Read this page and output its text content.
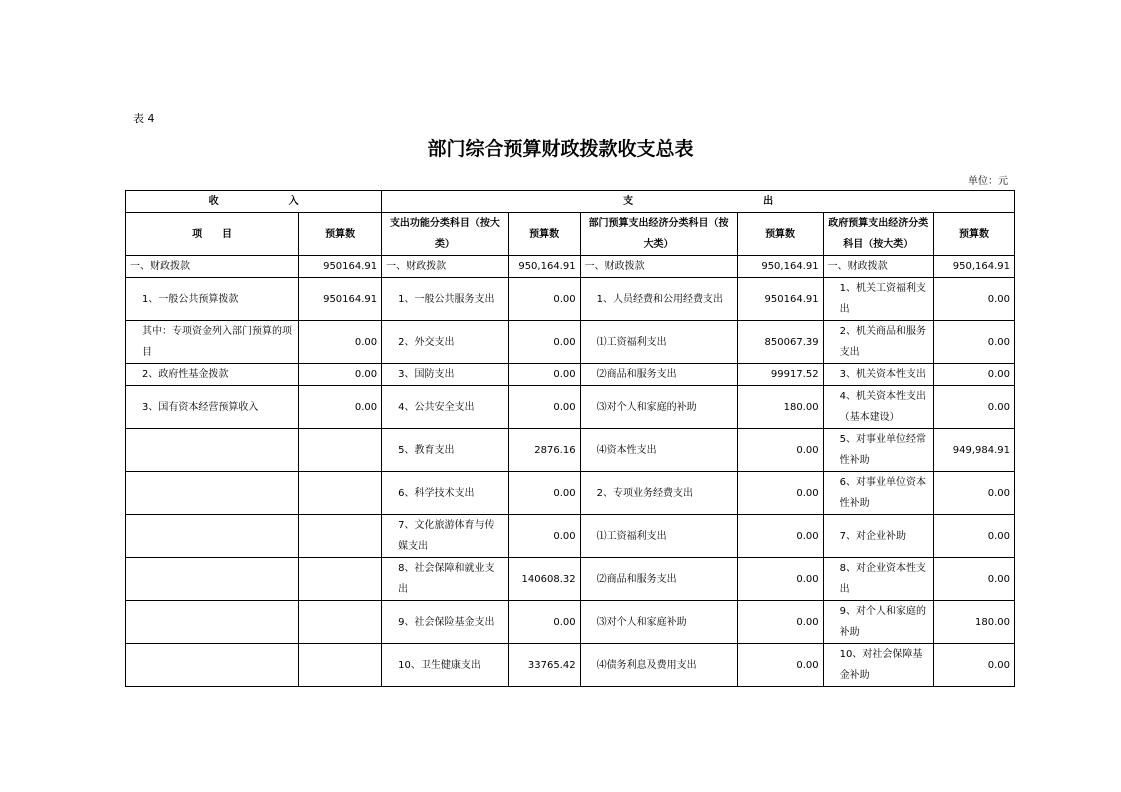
表 4
部门综合预算财政拨款收支总表
单位：元
收　　　　　　　入		支　　　　　　　　　　　　　出					
项　　目	预算数	支出功能分类科目（按大类）	预算数	部门预算支出经济分类科目（按大类）	预算数	政府预算支出经济分类科目（按大类）	预算数
一、财政拨款	950164.91	一、财政拨款	950,164.91	一、财政拨款	950,164.91	一、财政拨款	950,164.91
1、一般公共预算拨款	950164.91	1、一般公共服务支出	0.00	1、人员经费和公用经费支出	950164.91	1、机关工资福利支出	0.00
其中：专项资金列入部门预算的项目	0.00	2、外交支出	0.00	⑴工资福利支出	850067.39	2、机关商品和服务支出	0.00
2、政府性基金拨款	0.00	3、国防支出	0.00	⑵商品和服务支出	99917.52	3、机关资本性支出	0.00
3、国有资本经营预算收入	0.00	4、公共安全支出	0.00	⑶对个人和家庭的补助	180.00	4、机关资本性支出（基本建设）	0.00
		5、教育支出	2876.16	⑷资本性支出	0.00	5、对事业单位经常性补助	949,984.91
		6、科学技术支出	0.00	2、专项业务经费支出	0.00	6、对事业单位资本性补助	0.00
		7、文化旅游体育与传媒支出	0.00	⑴工资福利支出	0.00	7、对企业补助	0.00
		8、社会保障和就业支出	140608.32	⑵商品和服务支出	0.00	8、对企业资本性支出	0.00
		9、社会保险基金支出	0.00	⑶对个人和家庭补助	0.00	9、对个人和家庭的补助	180.00
		10、卫生健康支出	33765.42	⑷债务利息及费用支出	0.00	10、对社会保障基金补助	0.00
